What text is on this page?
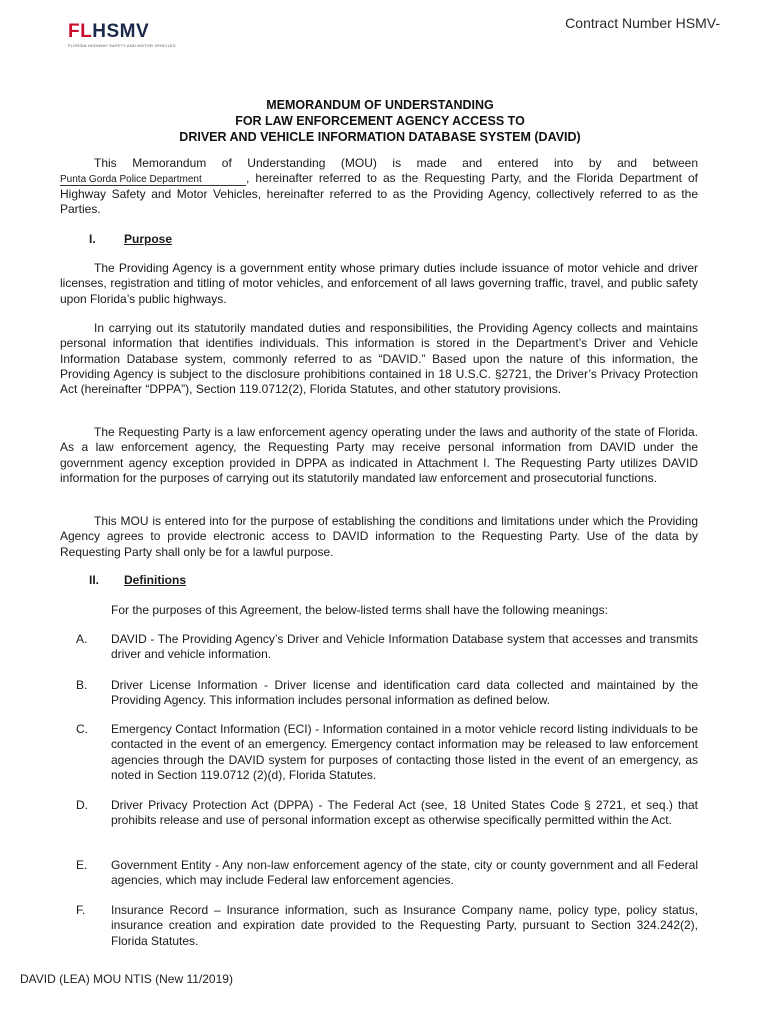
FLHSMV
FLORIDA HIGHWAY SAFETY AND MOTOR VEHICLES
Contract Number HSMV-
MEMORANDUM OF UNDERSTANDING
FOR LAW ENFORCEMENT AGENCY ACCESS TO
DRIVER AND VEHICLE INFORMATION DATABASE SYSTEM (DAVID)

This Memorandum of Understanding (MOU) is made and entered into by and between Punta Gorda Police Department	, hereinafter referred to as the Requesting Party, and the Florida Department of Highway Safety and Motor Vehicles, hereinafter referred to as the Providing Agency, collectively referred to as the Parties.

I. Purpose

The Providing Agency is a government entity whose primary duties include issuance of motor vehicle and driver licenses, registration and titling of motor vehicles, and enforcement of all laws governing traffic, travel, and public safety upon Florida’s public highways.

In carrying out its statutorily mandated duties and responsibilities, the Providing Agency collects and maintains personal information that identifies individuals. This information is stored in the Department’s Driver and Vehicle Information Database system, commonly referred to as “DAVID.” Based upon the nature of this information, the Providing Agency is subject to the disclosure prohibitions contained in 18 U.S.C. §2721, the Driver’s Privacy Protection Act (hereinafter “DPPA”), Section 119.0712(2), Florida Statutes, and other statutory provisions.

The Requesting Party is a law enforcement agency operating under the laws and authority of the state of Florida. As a law enforcement agency, the Requesting Party may receive personal information from DAVID under the government agency exception provided in DPPA as indicated in Attachment I. The Requesting Party utilizes DAVID information for the purposes of carrying out its statutorily mandated law enforcement and prosecutorial functions.

This MOU is entered into for the purpose of establishing the conditions and limitations under which the Providing Agency agrees to provide electronic access to DAVID information to the Requesting Party. Use of the data by Requesting Party shall only be for a lawful purpose.

II. Definitions
For the purposes of this Agreement, the below-listed terms shall have the following meanings:
A. DAVID - The Providing Agency’s Driver and Vehicle Information Database system that accesses and transmits driver and vehicle information.
B. Driver License Information - Driver license and identification card data collected and maintained by the Providing Agency. This information includes personal information as defined below.
C. Emergency Contact Information (ECI) - Information contained in a motor vehicle record listing individuals to be contacted in the event of an emergency. Emergency contact information may be released to law enforcement agencies through the DAVID system for purposes of contacting those listed in the event of an emergency, as noted in Section 119.0712 (2)(d), Florida Statutes.
D. Driver Privacy Protection Act (DPPA) - The Federal Act (see, 18 United States Code § 2721, et seq.) that prohibits release and use of personal information except as otherwise specifically permitted within the Act.
E. Government Entity - Any non-law enforcement agency of the state, city or county government and all Federal agencies, which may include Federal law enforcement agencies.
F. Insurance Record – Insurance information, such as Insurance Company name, policy type, policy status, insurance creation and expiration date provided to the Requesting Party, pursuant to Section 324.242(2), Florida Statutes.
DAVID (LEA) MOU NTIS (New 11/2019)
